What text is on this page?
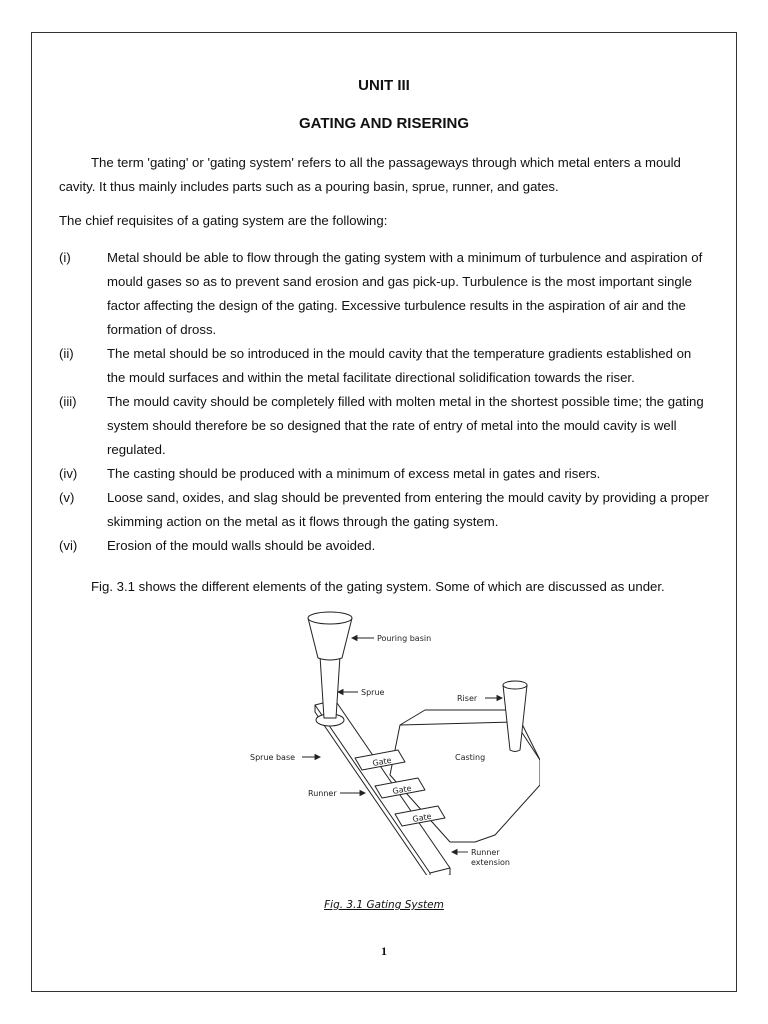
UNIT III
GATING AND RISERING
The term 'gating' or 'gating system' refers to all the passageways through which metal enters a mould cavity. It thus mainly includes parts such as a pouring basin, sprue, runner, and gates.
The chief requisites of a gating system are the following:
(i)	Metal should be able to flow through the gating system with a minimum of turbulence and aspiration of mould gases so as to prevent sand erosion and gas pick-up. Turbulence is the most important single factor affecting the design of the gating. Excessive turbulence results in the aspiration of air and the formation of dross.
(ii)	The metal should be so introduced in the mould cavity that the temperature gradients established on the mould surfaces and within the metal facilitate directional solidification towards the riser.
(iii)	The mould cavity should be completely filled with molten metal in the shortest possible time; the gating system should therefore be so designed that the rate of entry of metal into the mould cavity is well regulated.
(iv)	The casting should be produced with a minimum of excess metal in gates and risers.
(v)	Loose sand, oxides, and slag should be prevented from entering the mould cavity by providing a proper skimming action on the metal as it flows through the gating system.
(vi)	Erosion of the mould walls should be avoided.
Fig. 3.1 shows the different elements of the gating system. Some of which are discussed as under.
Pouring basin
Sprue
Riser
Sprue base	Casting
Runner
Gate
Gate
Gate
Runner
extension
Fig. 3.1 Gating System
1
